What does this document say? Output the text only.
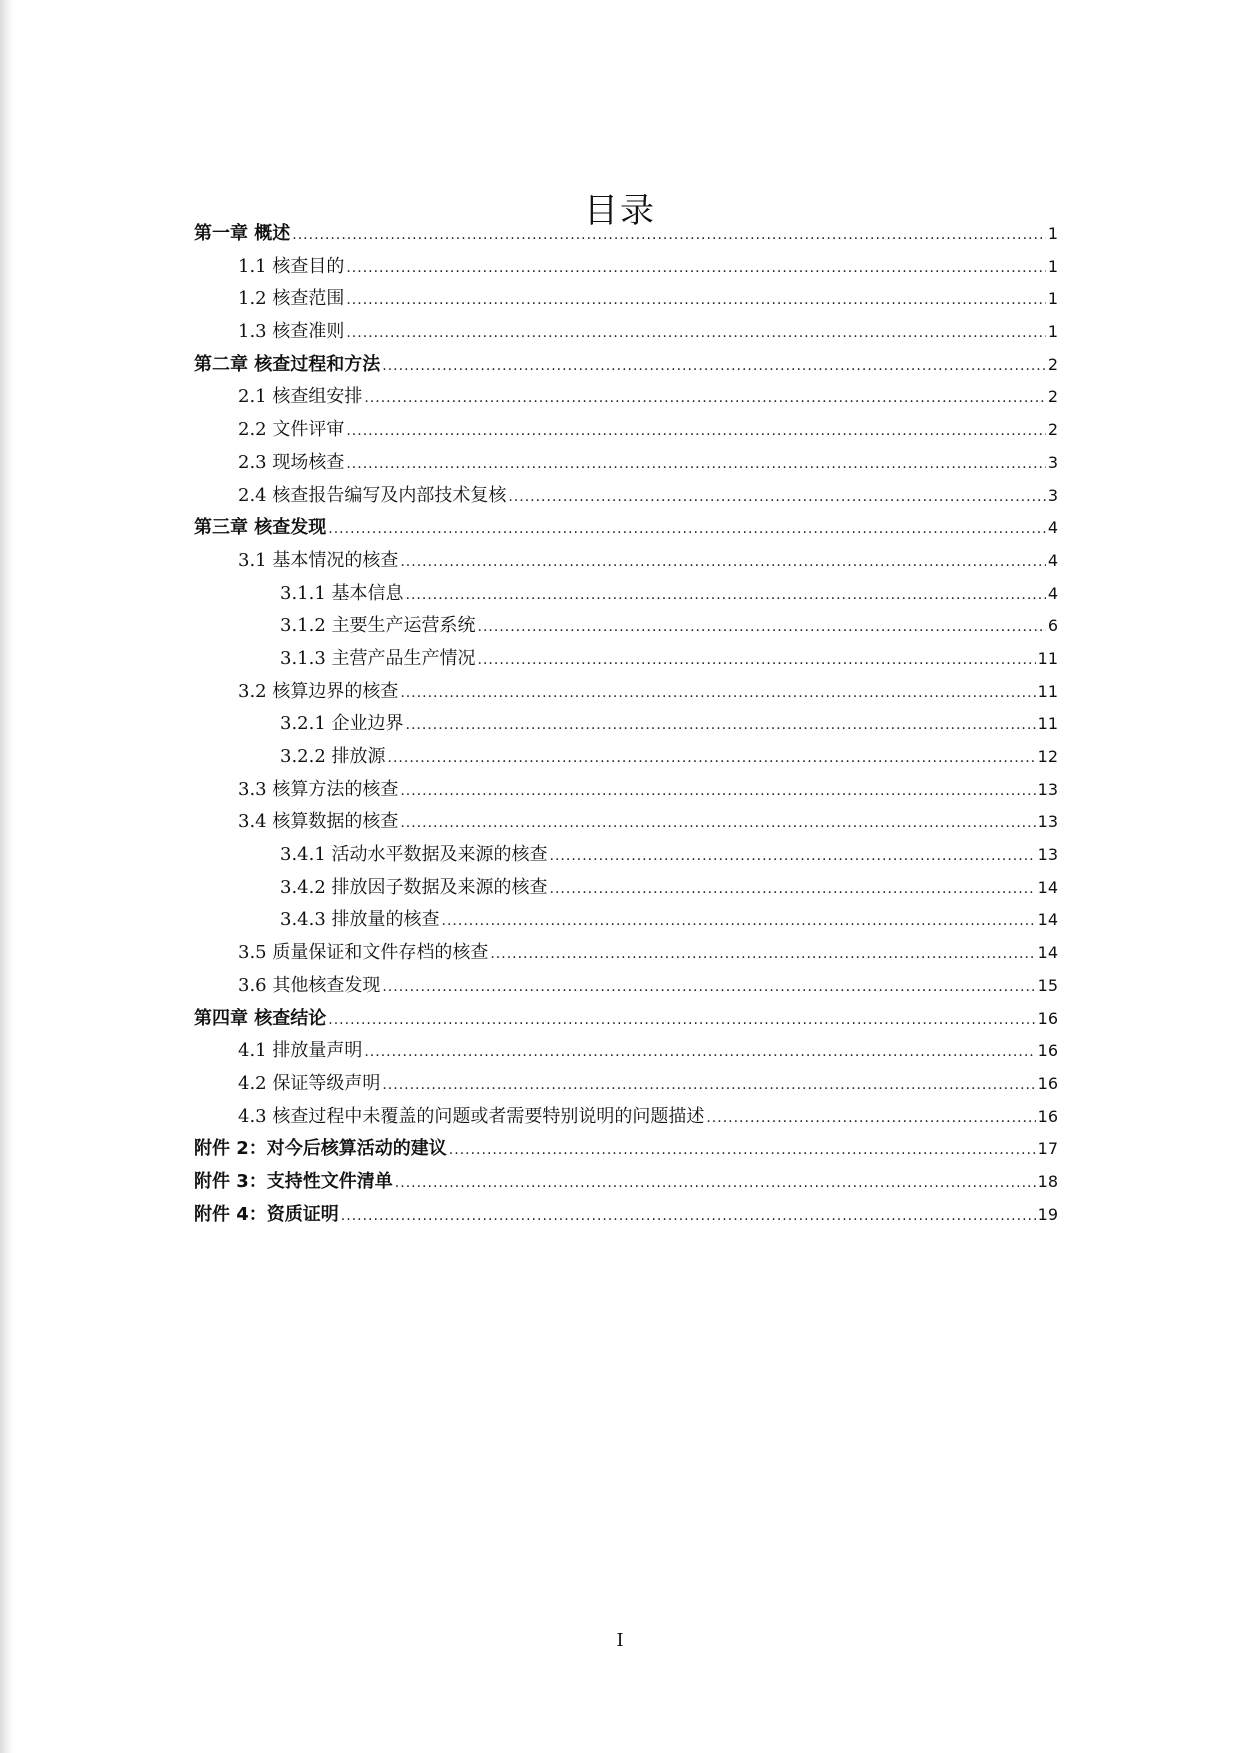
目录
第一章 概述 .....	1
1.1 核查目的 .....	1
1.2 核查范围 .....	1
1.3 核查准则 .....	1
第二章 核查过程和方法 .....	2
2.1 核查组安排 .....	2
2.2 文件评审 .....	2
2.3 现场核查 .....	3
2.4 核查报告编写及内部技术复核 .....	3
第三章 核查发现 .....	4
3.1 基本情况的核查 .....	4
3.1.1 基本信息 .....	4
3.1.2 主要生产运营系统 .....	6
3.1.3 主营产品生产情况 .....	11
3.2 核算边界的核查 .....	11
3.2.1 企业边界 .....	11
3.2.2 排放源 .....	12
3.3 核算方法的核查 .....	13
3.4 核算数据的核查 .....	13
3.4.1 活动水平数据及来源的核查 .....	13
3.4.2 排放因子数据及来源的核查 .....	14
3.4.3 排放量的核查 .....	14
3.5 质量保证和文件存档的核查 .....	14
3.6 其他核查发现 .....	15
第四章 核查结论 .....	16
4.1 排放量声明 .....	16
4.2 保证等级声明 .....	16
4.3 核查过程中未覆盖的问题或者需要特别说明的问题描述 .....	16
附件 2：对今后核算活动的建议 .....	17
附件 3：支持性文件清单 .....	18
附件 4：资质证明 .....	19
I
